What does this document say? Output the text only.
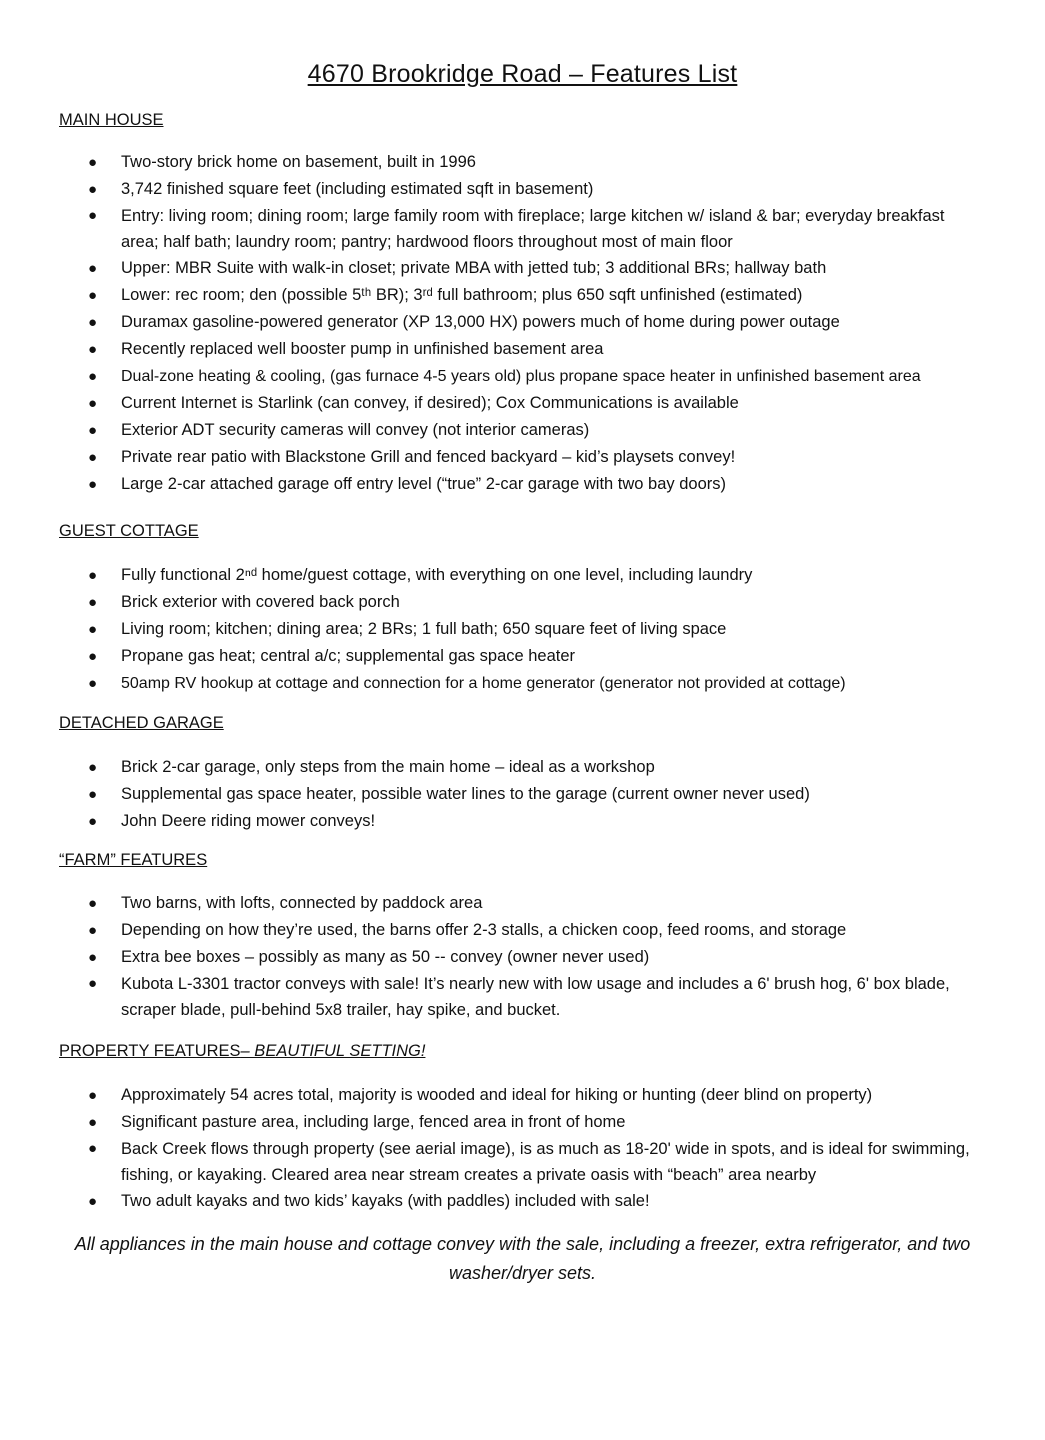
4670 Brookridge Road – Features List
MAIN HOUSE
● Two-story brick home on basement, built in 1996
● 3,742 finished square feet (including estimated sqft in basement)
● Entry: living room; dining room; large family room with fireplace; large kitchen w/ island & bar; everyday breakfast area; half bath; laundry room; pantry; hardwood floors throughout most of main floor
● Upper: MBR Suite with walk-in closet; private MBA with jetted tub; 3 additional BRs; hallway bath
● Lower: rec room; den (possible 5ᵗʰ BR); 3ʳᵈ full bathroom; plus 650 sqft unfinished (estimated)
● Duramax gasoline-powered generator (XP 13,000 HX) powers much of home during power outage
● Recently replaced well booster pump in unfinished basement area
● Dual-zone heating & cooling, (gas furnace 4-5 years old) plus propane space heater in unfinished basement area
● Current Internet is Starlink (can convey, if desired); Cox Communications is available
● Exterior ADT security cameras will convey (not interior cameras)
● Private rear patio with Blackstone Grill and fenced backyard – kid’s playsets convey!
● Large 2-car attached garage off entry level (“true” 2-car garage with two bay doors)
GUEST COTTAGE
● Fully functional 2ⁿᵈ home/guest cottage, with everything on one level, including laundry
● Brick exterior with covered back porch
● Living room; kitchen; dining area; 2 BRs; 1 full bath; 650 square feet of living space
● Propane gas heat; central a/c; supplemental gas space heater
● 50amp RV hookup at cottage and connection for a home generator (generator not provided at cottage)
DETACHED GARAGE
● Brick 2-car garage, only steps from the main home – ideal as a workshop
● Supplemental gas space heater, possible water lines to the garage (current owner never used)
● John Deere riding mower conveys!
“FARM” FEATURES
● Two barns, with lofts, connected by paddock area
● Depending on how they’re used, the barns offer 2-3 stalls, a chicken coop, feed rooms, and storage
● Extra bee boxes – possibly as many as 50 -- convey (owner never used)
● Kubota L-3301 tractor conveys with sale! It’s nearly new with low usage and includes a 6' brush hog, 6' box blade, scraper blade, pull-behind 5x8 trailer, hay spike, and bucket.
PROPERTY FEATURES– BEAUTIFUL SETTING!
● Approximately 54 acres total, majority is wooded and ideal for hiking or hunting (deer blind on property)
● Significant pasture area, including large, fenced area in front of home
● Back Creek flows through property (see aerial image), is as much as 18-20' wide in spots, and is ideal for swimming, fishing, or kayaking. Cleared area near stream creates a private oasis with “beach” area nearby
● Two adult kayaks and two kids’ kayaks (with paddles) included with sale!
All appliances in the main house and cottage convey with the sale, including a freezer, extra refrigerator, and two washer/dryer sets.
